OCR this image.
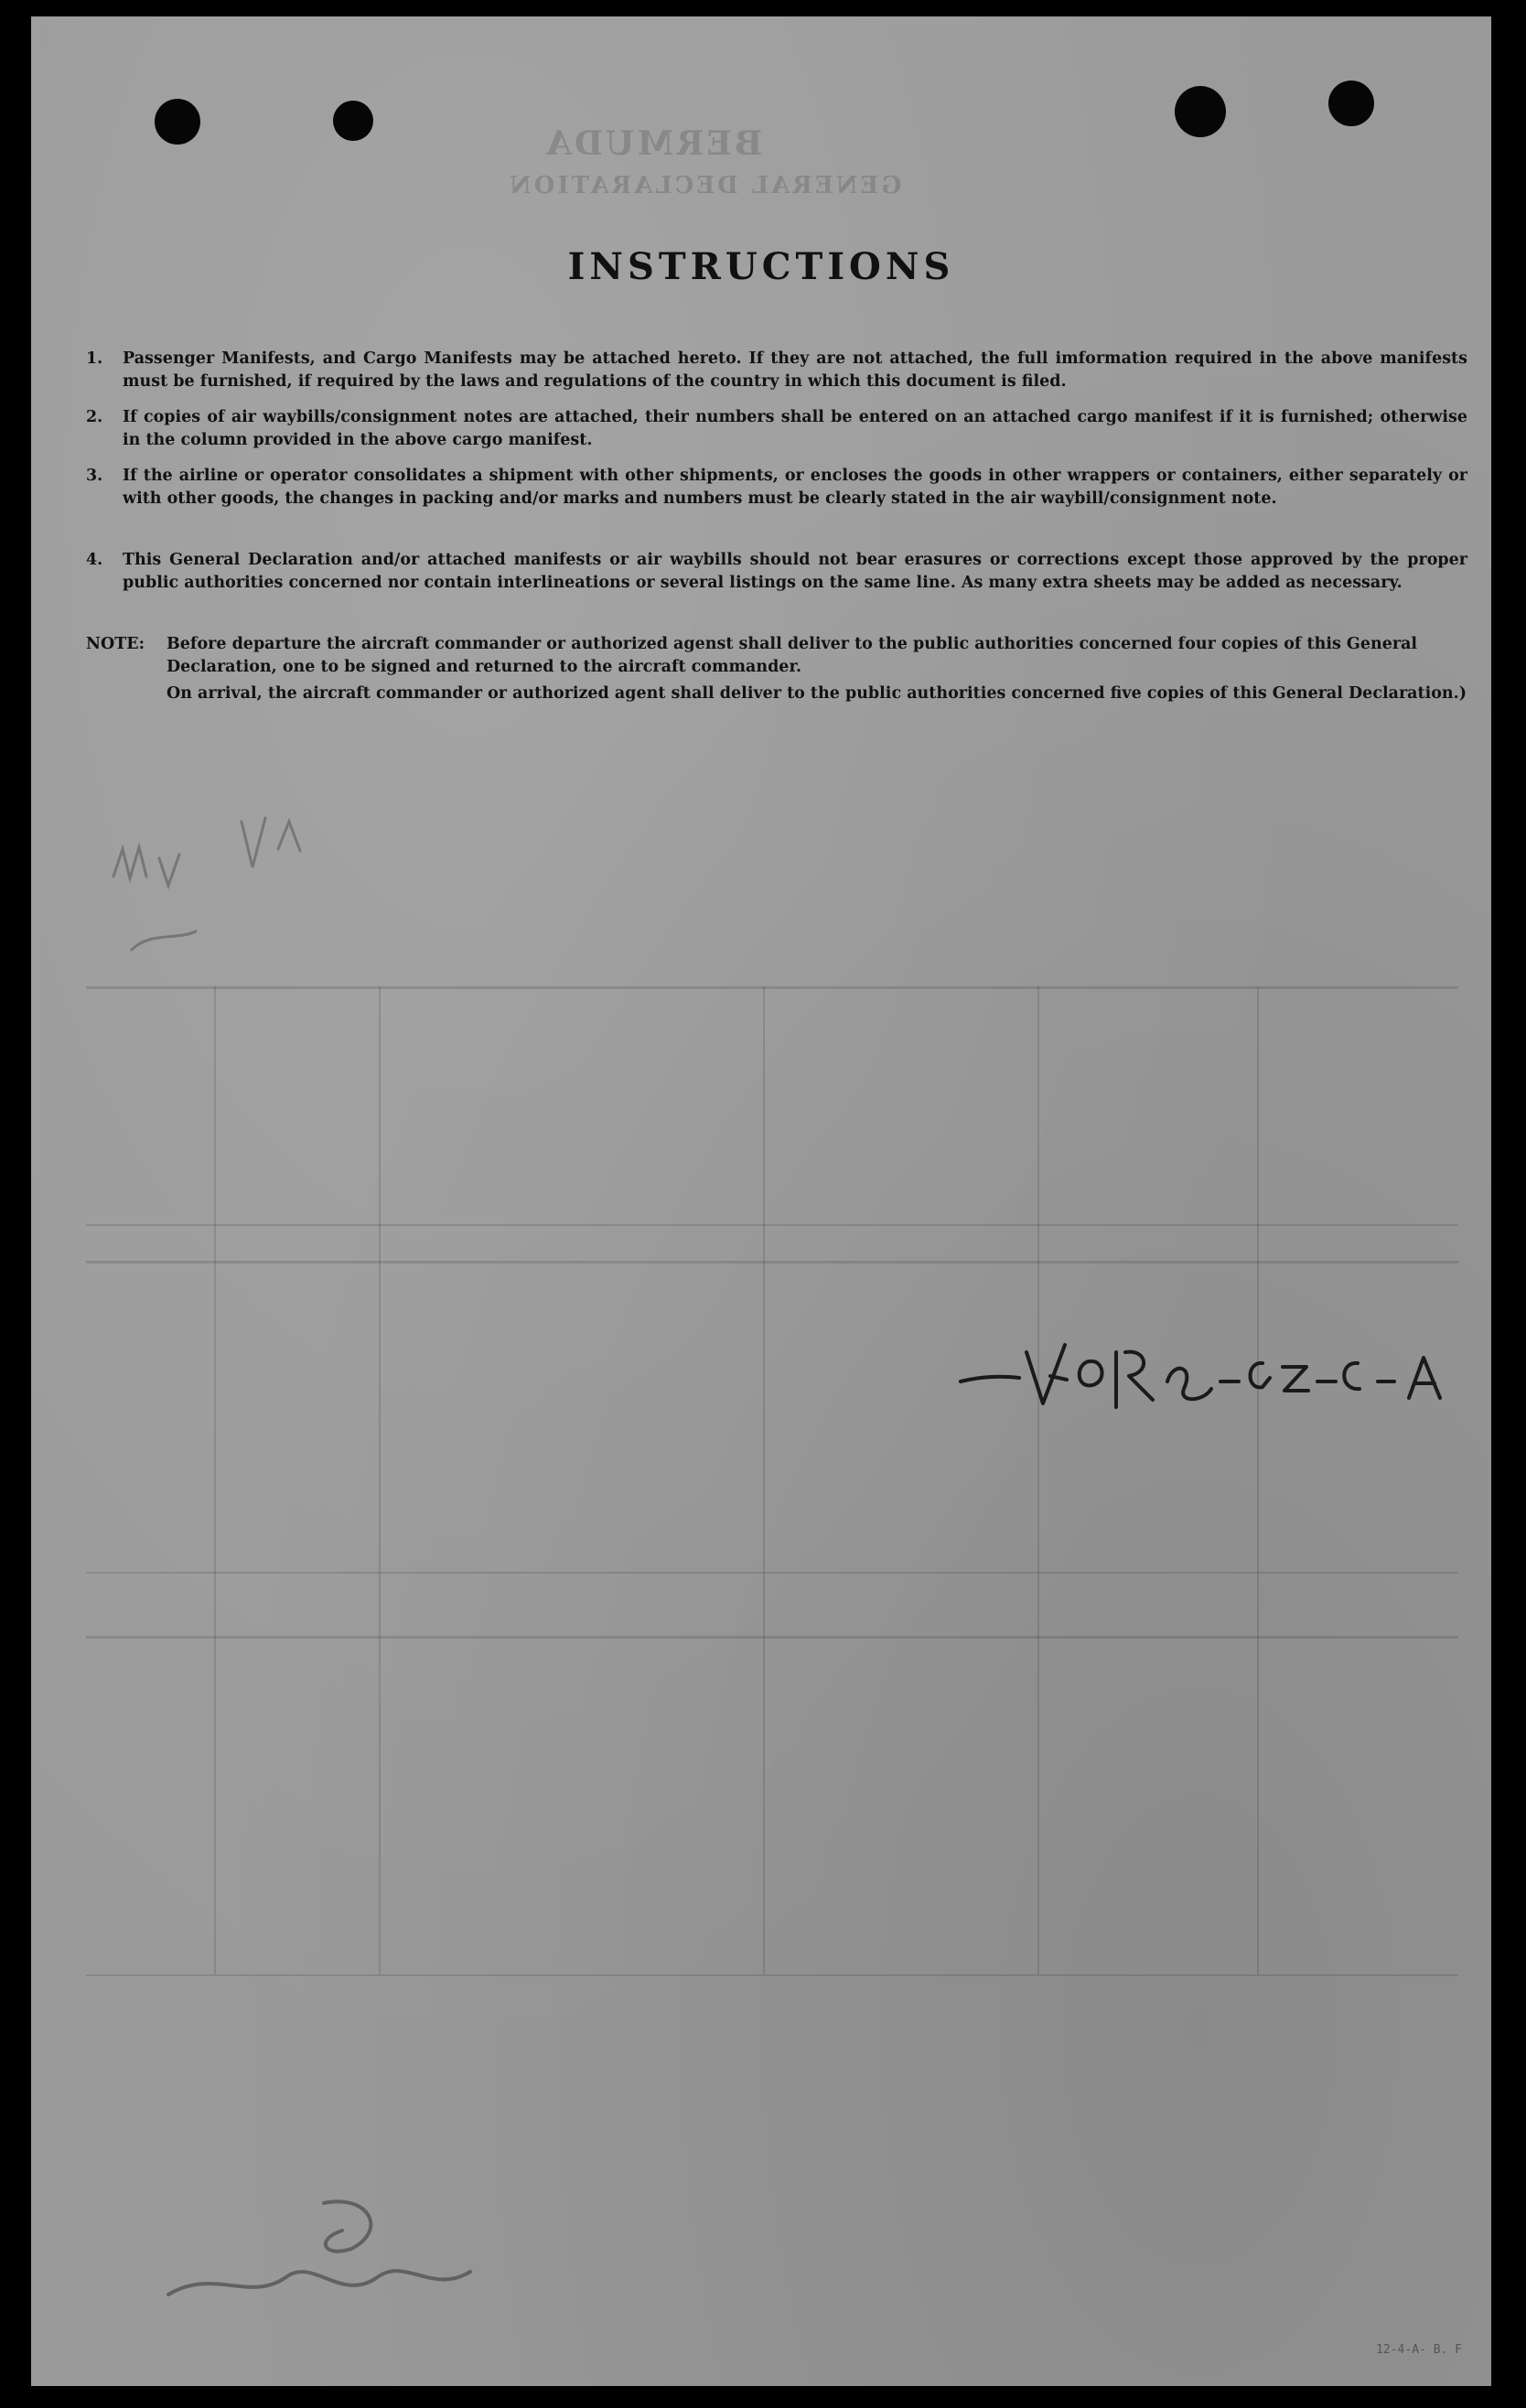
BERMUDA
GENERAL DECLARATION
INSTRUCTIONS
1. Passenger Manifests, and Cargo Manifests may be attached hereto. If they are not attached, the full imformation required in the above manifests must be furnished, if required by the laws and regulations of the country in which this document is filed.
2. If copies of air waybills/consignment notes are attached, their numbers shall be entered on an attached cargo manifest if it is furnished; otherwise in the column provided in the above cargo manifest.
3. If the airline or operator consolidates a shipment with other shipments, or encloses the goods in other wrappers or containers, either separately or with other goods, the changes in packing and/or marks and numbers must be clearly stated in the air waybill/consignment note.
4. This General Declaration and/or attached manifests or air waybills should not bear erasures or corrections except those approved by the proper public authorities concerned nor contain interlineations or several listings on the same line. As many extra sheets may be added as necessary.
NOTE: Before departure the aircraft commander or authorized agenst shall deliver to the public authorities concerned four copies of this General Declaration, one to be signed and returned to the aircraft commander.

On arrival, the aircraft commander or authorized agent shall deliver to the public authorities concerned five copies of this General Declaration.)

12-4-A- B. F
